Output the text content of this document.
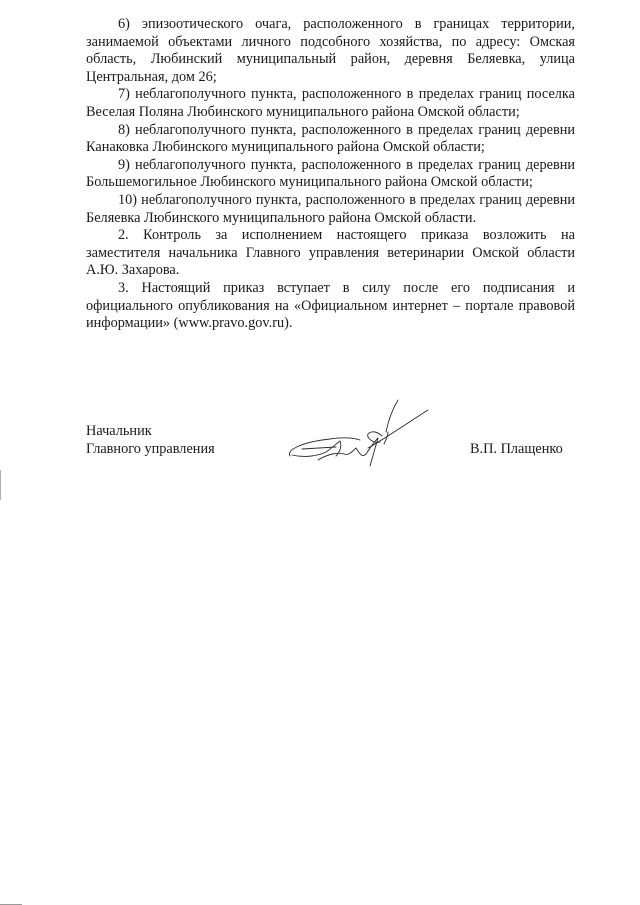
6) эпизоотического очага, расположенного в границах территории, занимаемой объектами личного подсобного хозяйства, по адресу: Омская область, Любинский муниципальный район, деревня Беляевка, улица Центральная, дом 26;

7) неблагополучного пункта, расположенного в пределах границ поселка Веселая Поляна Любинского муниципального района Омской области;

8) неблагополучного пункта, расположенного в пределах границ деревни Канаковка Любинского муниципального района Омской области;

9) неблагополучного пункта, расположенного в пределах границ деревни Большемогильное Любинского муниципального района Омской области;

10) неблагополучного пункта, расположенного в пределах границ деревни Беляевка Любинского муниципального района Омской области.

2. Контроль за исполнением настоящего приказа возложить на заместителя начальника Главного управления ветеринарии Омской области А.Ю. Захарова.

3. Настоящий приказ вступает в силу после его подписания и официального опубликования на «Официальном интернет – портале правовой информации» (www.pravo.gov.ru).

Начальник
Главного управления	В.П. Плащенко
